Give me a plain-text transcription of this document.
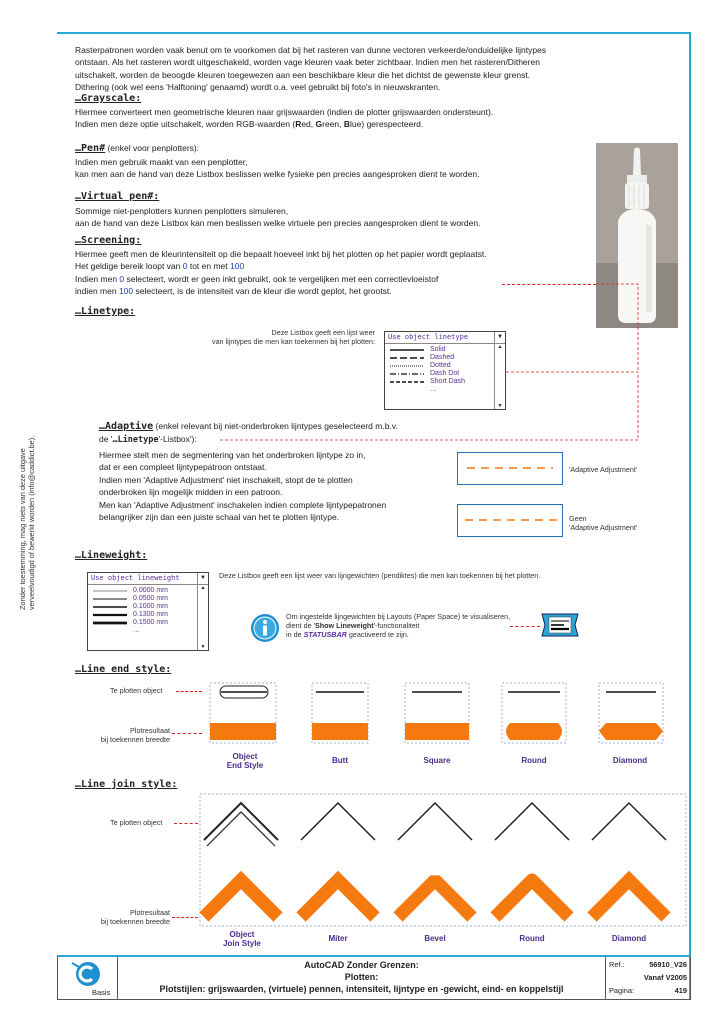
Zonder toestemming, mag niets van deze uitgave verveelvoudigd of bewerkt worden (info@caddict.be).
Rasterpatronen worden vaak benut om te voorkomen dat bij het rasteren van dunne vectoren verkeerde/onduidelijke lijntypes
ontstaan. Als het rasteren wordt uitgeschakeld, worden vage kleuren vaak beter zichtbaar. Indien men het rasteren/Ditheren
uitschakelt, worden de beoogde kleuren toegewezen aan een beschikbare kleur die het dichtst de gewenste kleur grenst.
Dithering (ook wel eens 'Halftoning' genaamd) wordt o.a. veel gebruikt bij foto's in nieuwskranten.
…Grayscale:
Hiermee converteert men geometrische kleuren naar grijswaarden (indien de plotter grijswaarden ondersteunt).
Indien men deze optie uitschakelt, worden RGB-waarden (Red, Green, Blue) gerespecteerd.
…Pen# (enkel voor penplotters):
Indien men gebruik maakt van een penplotter,
kan men aan de hand van deze Listbox beslissen welke fysieke pen precies aangesproken dient te worden.
…Virtual pen#:
Sommige niet-penplotters kunnen penplotters simuleren,
aan de hand van deze Listbox kan men beslissen welke virtuele pen precies aangesproken dient te worden.
…Screening:
Hiermee geeft men de kleurintensiteit op die bepaalt hoeveel inkt bij het plotten op het papier wordt geplaatst.
Het geldige bereik loopt van 0 tot en met 100
Indien men 0 selecteert, wordt er geen inkt gebruikt, ook te vergelijken met een correctievloeistof
indien men 100 selecteert, is de intensiteit van de kleur die wordt geplot, het grootst.
…Linetype:
Deze Listbox geeft een lijst weer
van lijntypes die men kan toekennen bij het plotten:	Use object linetype	▼
▲
▼
Solid
Dashed
Dotted
Dash Dot
Short Dash
…
…Adaptive (enkel relevant bij niet-onderbroken lijntypes geselecteerd m.b.v.
de '…Linetype'-Listbox'):
Hiermee stelt men de segmentering van het onderbroken lijntype zo in,
dat er een compleet lijntypepatroon ontstaat.
Indien men 'Adaptive Adjustment' niet inschakelt, stopt de te plotten
onderbroken lijn mogelijk midden in een patroon.
Men kan 'Adaptive Adjustment' inschakelen indien complete lijntypepatronen
belangrijker zijn dan een juiste schaal van het te plotten lijntype.
'Adaptive Adjustment'
Geen
'Adaptive Adjustment'
…Lineweight:
Deze Listbox geeft een lijst weer van lijngewichten (pendiktes) die men kan toekennen bij het plotten.
Use object lineweight	▼
▲
▼
0.0000 mm
0.0500 mm
0.1000 mm
0.1300 mm
0.1500 mm
…
Om ingestelde lijngewichten bij Layouts (Paper Space) te visualiseren,
dient de 'Show Lineweight'-functionaliteit
in de STATUSBAR geactiveerd te zijn.
…Line end style:
Te plotten object
Plotresultaat
bij toekennen breedte
Object
End Style
Butt	Square	Round	Diamond
…Line join style:
Te plotten object
Plotresultaat
bij toekennen breedte
Object
Join Style
Miter	Bevel	Round	Diamond
Basis
AutoCAD Zonder Grenzen:
Plotten:
Plotstijlen: grijswaarden, (virtuele) pennen, intensiteit, lijntype en -gewicht, eind- en koppelstijl
Ref.:	56910_V26
Vanaf V2005
Pagina:	419
